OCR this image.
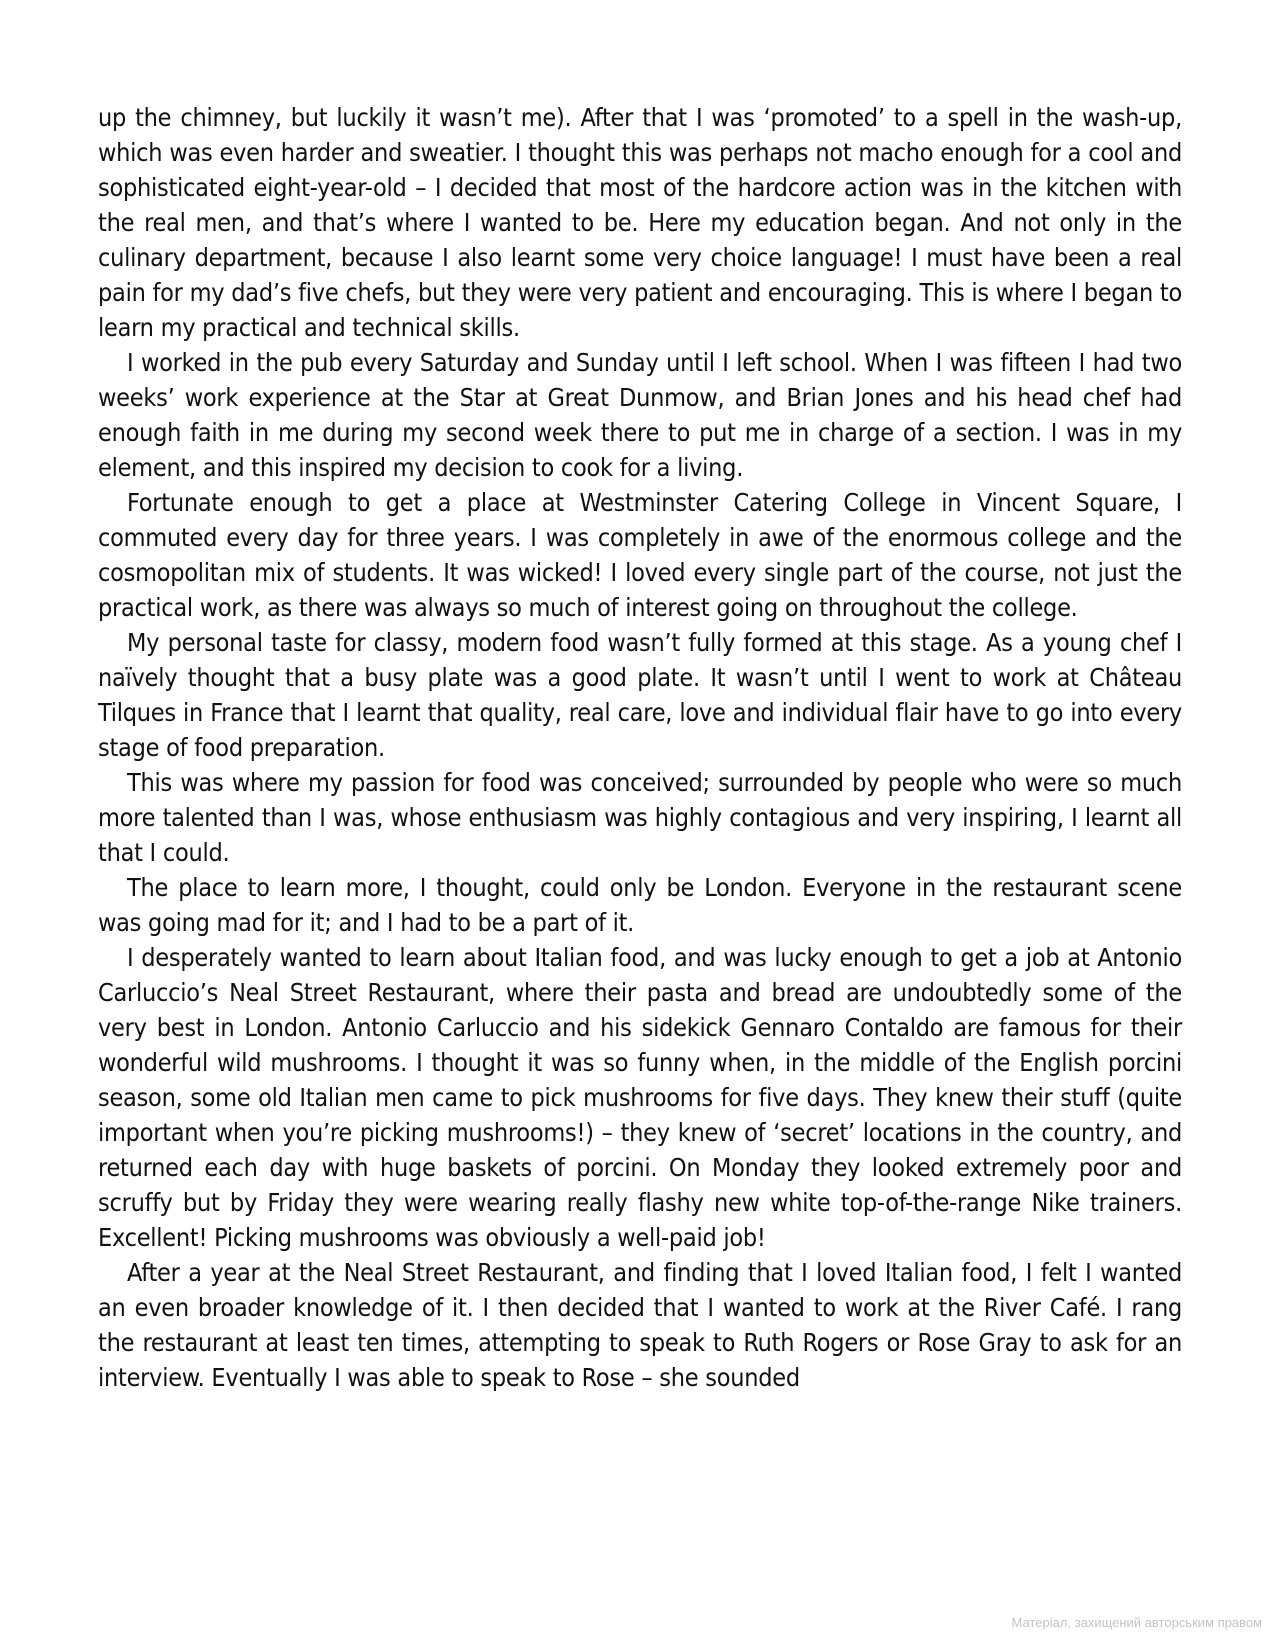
up the chimney, but luckily it wasn’t me). After that I was ‘promoted’ to a spell in the wash-up, which was even harder and sweatier. I thought this was perhaps not macho enough for a cool and sophisticated eight-year-old – I decided that most of the hardcore action was in the kitchen with the real men, and that’s where I wanted to be. Here my education began. And not only in the culinary department, because I also learnt some very choice language! I must have been a real pain for my dad’s five chefs, but they were very patient and encouraging. This is where I began to learn my practical and technical skills.

I worked in the pub every Saturday and Sunday until I left school. When I was fifteen I had two weeks’ work experience at the Star at Great Dunmow, and Brian Jones and his head chef had enough faith in me during my second week there to put me in charge of a section. I was in my element, and this inspired my decision to cook for a living.

Fortunate enough to get a place at Westminster Catering College in Vincent Square, I commuted every day for three years. I was completely in awe of the enormous college and the cosmopolitan mix of students. It was wicked! I loved every single part of the course, not just the practical work, as there was always so much of interest going on throughout the college.

My personal taste for classy, modern food wasn’t fully formed at this stage. As a young chef I naïvely thought that a busy plate was a good plate. It wasn’t until I went to work at Château Tilques in France that I learnt that quality, real care, love and individual flair have to go into every stage of food preparation.

This was where my passion for food was conceived; surrounded by people who were so much more talented than I was, whose enthusiasm was highly contagious and very inspiring, I learnt all that I could.

The place to learn more, I thought, could only be London. Everyone in the restaurant scene was going mad for it; and I had to be a part of it.

I desperately wanted to learn about Italian food, and was lucky enough to get a job at Antonio Carluccio’s Neal Street Restaurant, where their pasta and bread are undoubtedly some of the very best in London. Antonio Carluccio and his sidekick Gennaro Contaldo are famous for their wonderful wild mushrooms. I thought it was so funny when, in the middle of the English porcini season, some old Italian men came to pick mushrooms for five days. They knew their stuff (quite important when you’re picking mushrooms!) – they knew of ‘secret’ locations in the country, and returned each day with huge baskets of porcini. On Monday they looked extremely poor and scruffy but by Friday they were wearing really flashy new white top-of-the-range Nike trainers. Excellent! Picking mushrooms was obviously a well-paid job!

After a year at the Neal Street Restaurant, and finding that I loved Italian food, I felt I wanted an even broader knowledge of it. I then decided that I wanted to work at the River Café. I rang the restaurant at least ten times, attempting to speak to Ruth Rogers or Rose Gray to ask for an interview. Eventually I was able to speak to Rose – she sounded

Матеріал, захищений авторським правом
